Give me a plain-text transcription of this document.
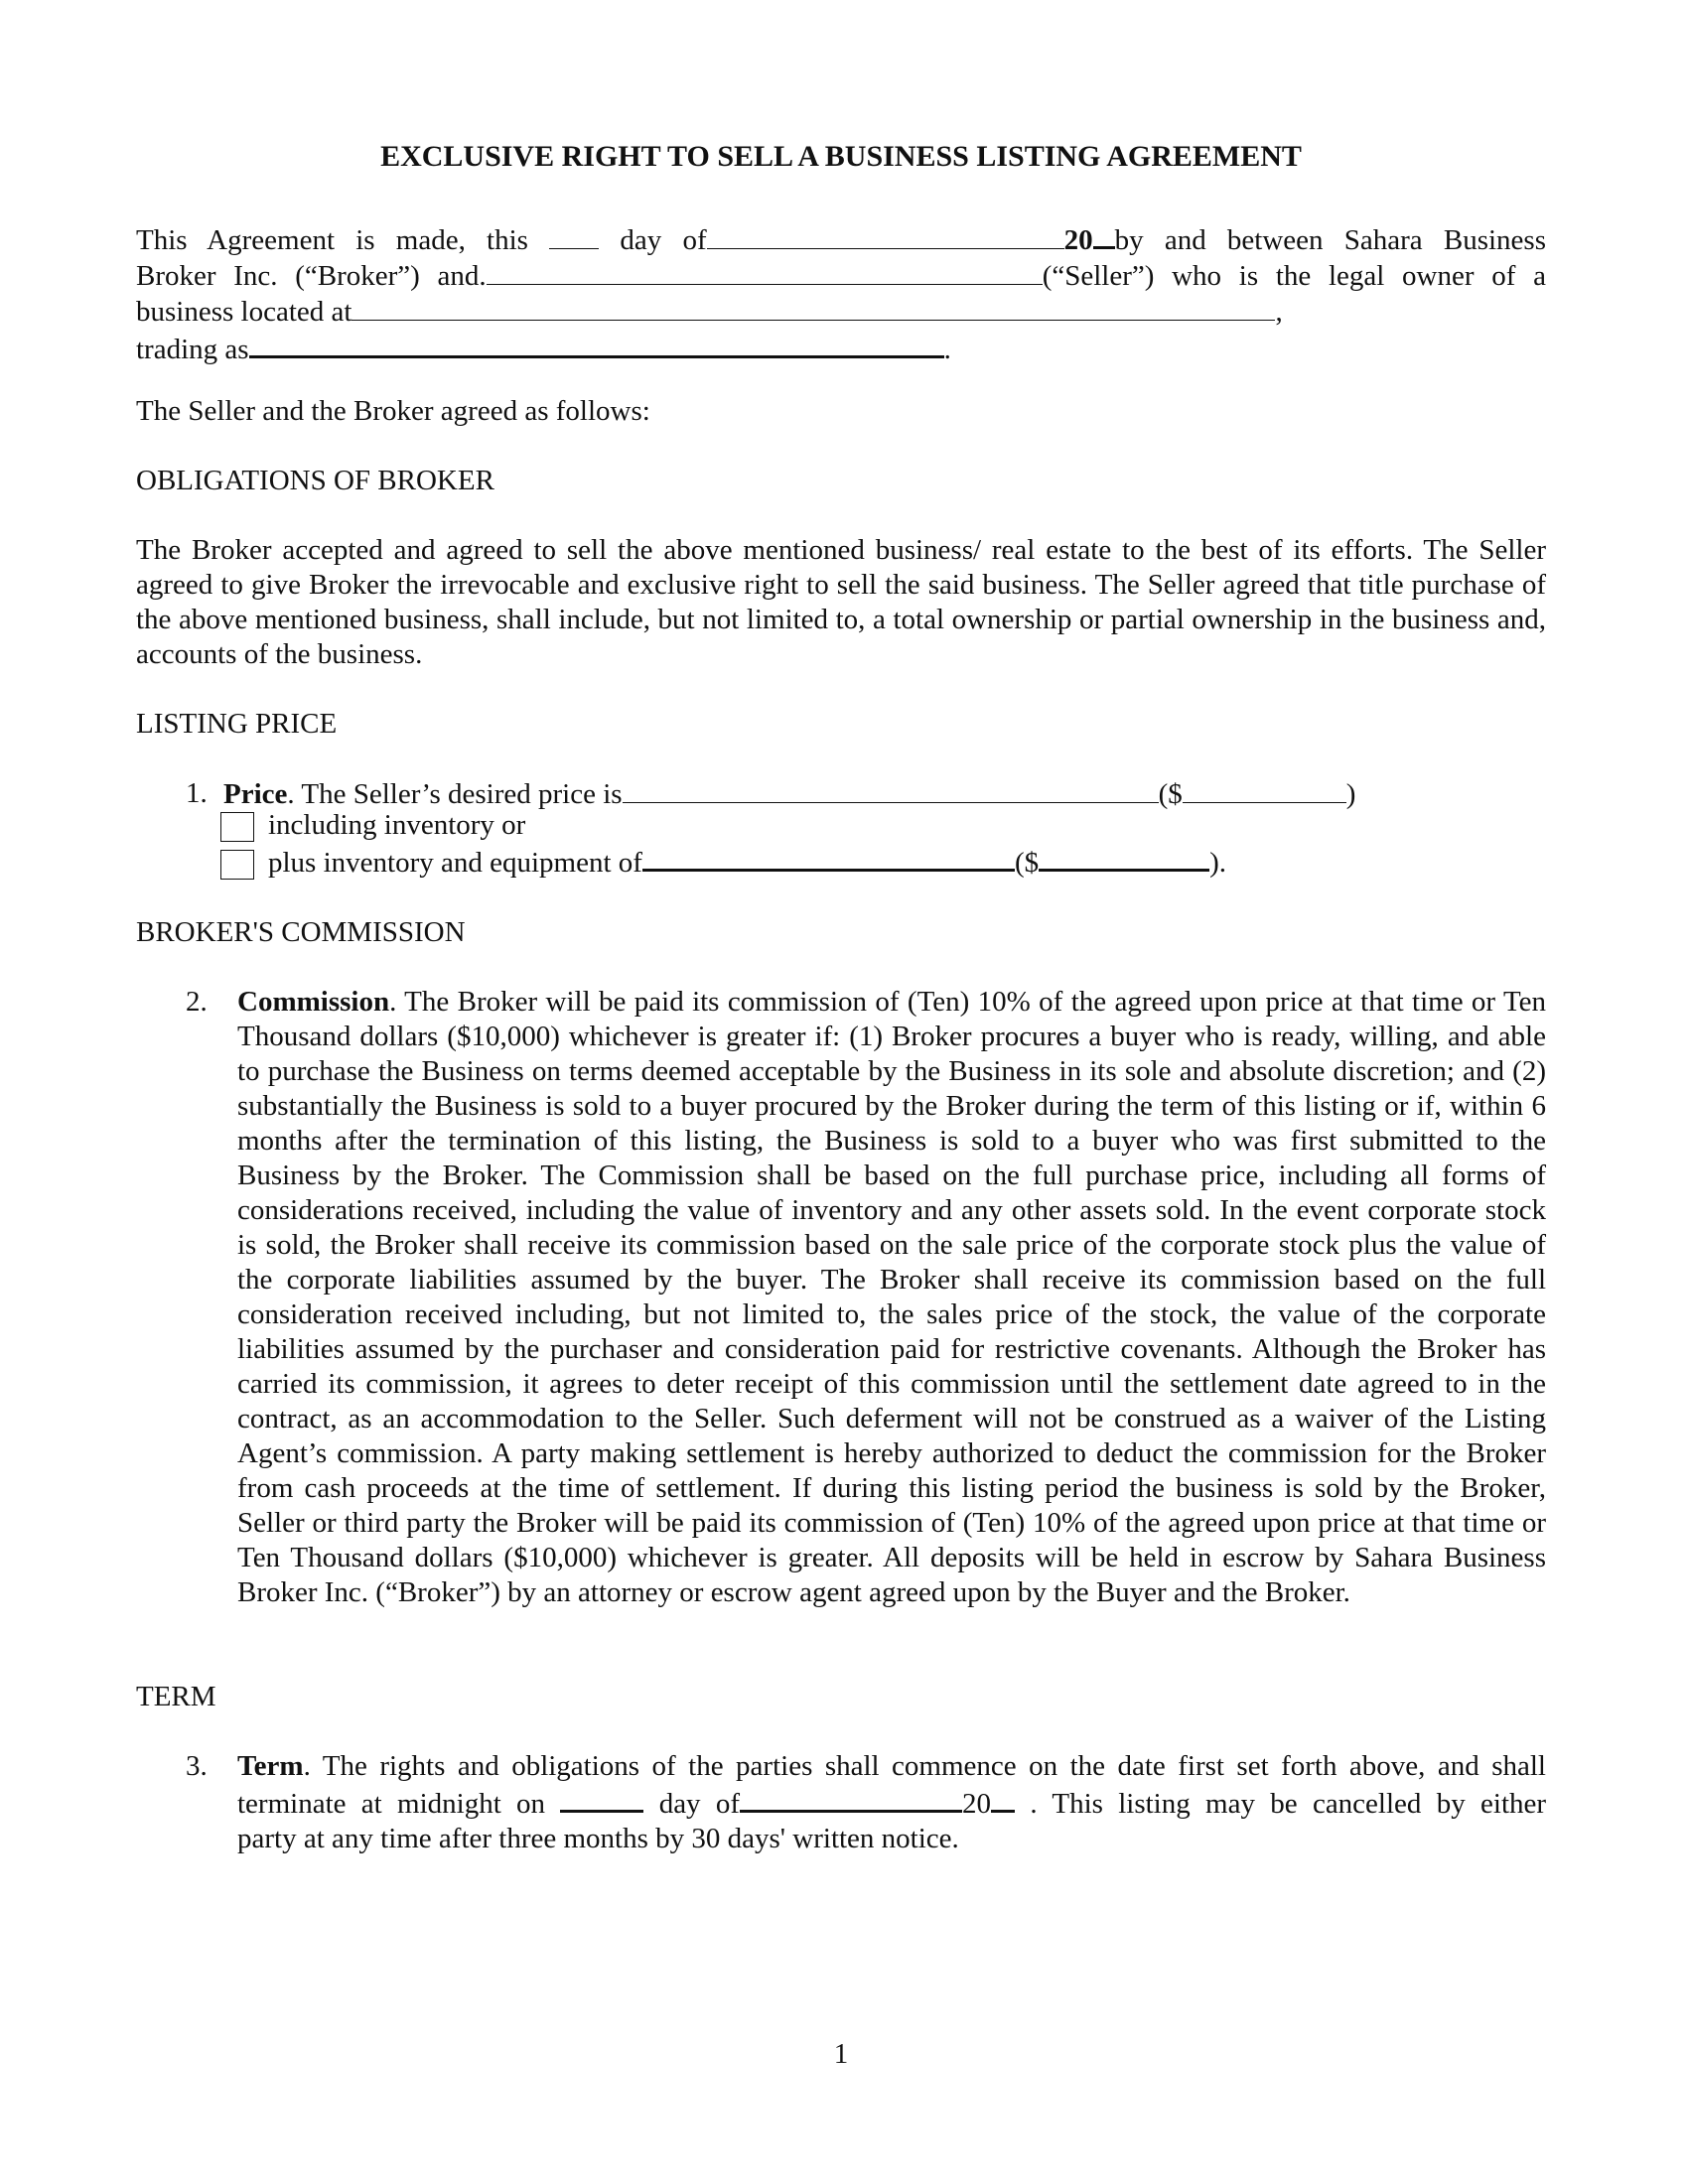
EXCLUSIVE RIGHT TO SELL A BUSINESS LISTING AGREEMENT
This Agreement is made, this	day of	20 by and between Sahara Business
Broker Inc. (“Broker”) and.	(“Seller”) who is the legal owner of a
business located at	,
trading as	.
The Seller and the Broker agreed as follows:
OBLIGATIONS OF BROKER
The Broker accepted and agreed to sell the above mentioned business/ real estate to the best of its efforts. The Seller agreed to give Broker the irrevocable and exclusive right to sell the said business. The Seller agreed that title purchase of the above mentioned business, shall include, but not limited to, a total ownership or partial ownership in the business and, accounts of the business.
LISTING PRICE
1. Price. The Seller’s desired price is	($	)
including inventory or
plus inventory and equipment of	($	).
BROKER'S COMMISSION
2. Commission. The Broker will be paid its commission of (Ten) 10% of the agreed upon price at that time or Ten Thousand dollars ($10,000) whichever is greater if: (1) Broker procures a buyer who is ready, willing, and able to purchase the Business on terms deemed acceptable by the Business in its sole and absolute discretion; and (2) substantially the Business is sold to a buyer procured by the Broker during the term of this listing or if, within 6 months after the termination of this listing, the Business is sold to a buyer who was first submitted to the Business by the Broker. The Commission shall be based on the full purchase price, including all forms of considerations received, including the value of inventory and any other assets sold. In the event corporate stock is sold, the Broker shall receive its commission based on the sale price of the corporate stock plus the value of the corporate liabilities assumed by the buyer. The Broker shall receive its commission based on the full consideration received including, but not limited to, the sales price of the stock, the value of the corporate liabilities assumed by the purchaser and consideration paid for restrictive covenants. Although the Broker has carried its commission, it agrees to deter receipt of this commission until the settlement date agreed to in the contract, as an accommodation to the Seller. Such deferment will not be construed as a waiver of the Listing Agent’s commission. A party making settlement is hereby authorized to deduct the commission for the Broker from cash proceeds at the time of settlement. If during this listing period the business is sold by the Broker, Seller or third party the Broker will be paid its commission of (Ten) 10% of the agreed upon price at that time or Ten Thousand dollars ($10,000) whichever is greater. All deposits will be held in escrow by Sahara Business Broker Inc. (“Broker”) by an attorney or escrow agent agreed upon by the Buyer and the Broker.
TERM
3. Term. The rights and obligations of the parties shall commence on the date first set forth above, and shall
terminate at midnight on	day of	20 . This listing may be cancelled by either
party at any time after three months by 30 days' written notice.
1
